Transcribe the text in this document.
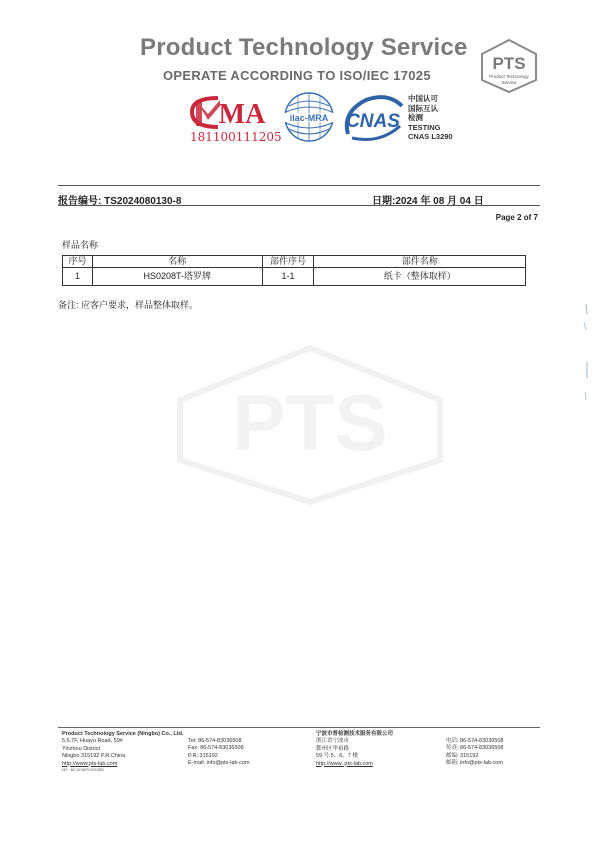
Product Technology Service
OPERATE ACCORDING TO ISO/IEC 17025
PTS
Product Technology
Service
MA
181100111205
ilac-MRA CNAS
中国认可
国际互认
检测
TESTING
CNAS L3290
报告编号: TS2024080130-8	日期:2024 年 08 月 04 日
Page 2 of 7
样品名称
序号	名称	部件序号	部件名称
1	HS0208T-塔罗牌	1-1	纸卡（整体取样）
备注: 应客户要求，样品整体取样。
PTS
Product Technology Service (Ningbo) Co., Ltd.
5,6,7F, Huayu Road, 59#
Yinzhou District
Ningbo 315192 P.R.China
http://www.pts-lab.com
NO：BC-SCNER-0001852
Tel: 86-574-83036508
Fax: 86-574-83036508
P.R.:315192
E-mail: info@pts-lab.com
宁波市普检测技术服务有限公司
浙江省宁波市
鄞州区华裕路
59 号 5、6、7 楼
http://www. pts-lab.com
电话: 86-574-83036508
传真: 86-574-83036508
邮编: 315192
邮箱: info@pts-lab.com
